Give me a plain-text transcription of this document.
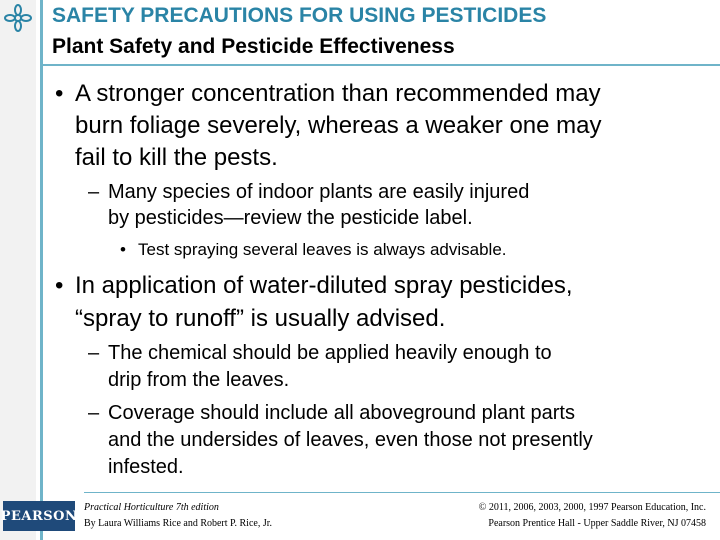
SAFETY PRECAUTIONS FOR USING PESTICIDES
Plant Safety and Pesticide Effectiveness
• A stronger concentration than recommended may
burn foliage severely, whereas a weaker one may
fail to kill the pests.
– Many species of indoor plants are easily injured
by pesticides—review the pesticide label.
• Test spraying several leaves is always advisable.
• In application of water-diluted spray pesticides,
“spray to runoff” is usually advised.
– The chemical should be applied heavily enough to
drip from the leaves.
– Coverage should include all aboveground plant parts
and the undersides of leaves, even those not presently
infested.
PEARSON
Practical Horticulture 7th edition
By Laura Williams Rice and Robert P. Rice, Jr.
© 2011, 2006, 2003, 2000, 1997 Pearson Education, Inc.
Pearson Prentice Hall - Upper Saddle River, NJ 07458
